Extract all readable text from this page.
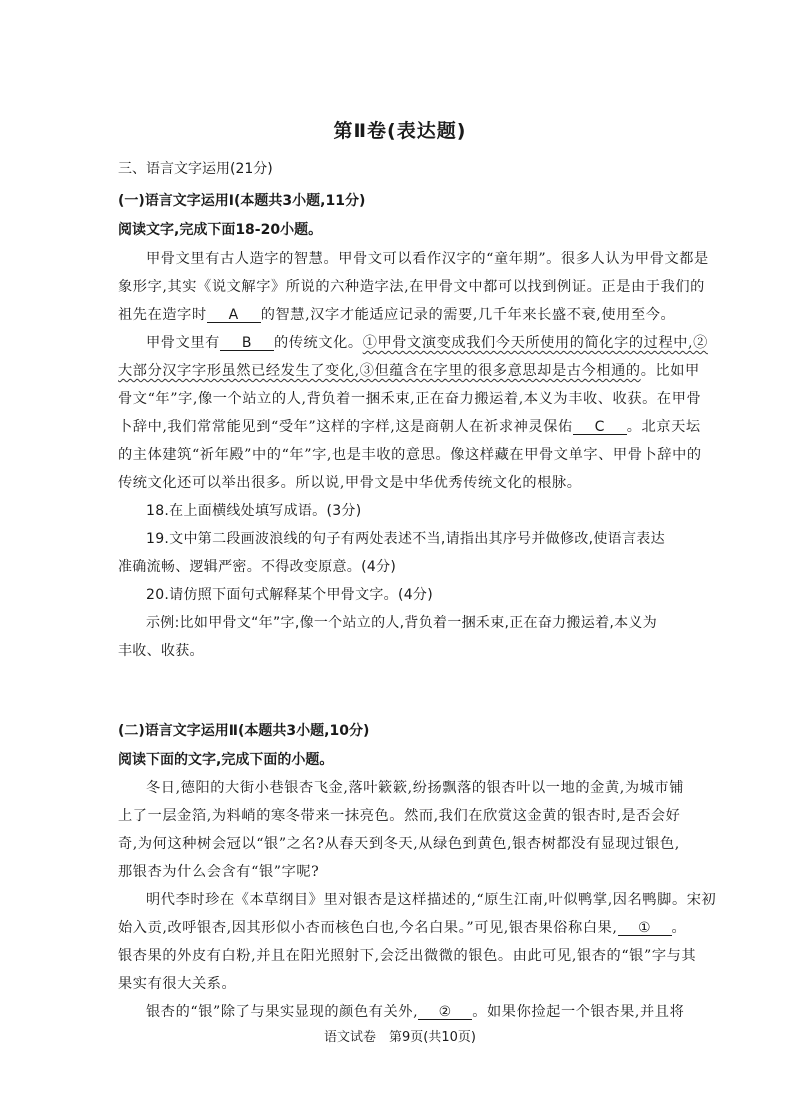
第Ⅱ卷(表达题)
三、语言文字运用(21分)
(一)语言文字运用Ⅰ(本题共3小题,11分)
阅读文字,完成下面18-20小题。
甲骨文里有古人造字的智慧。甲骨文可以看作汉字的“童年期”。很多人认为甲骨文都是
象形字,其实《说文解字》所说的六种造字法,在甲骨文中都可以找到例证。正是由于我们的
祖先在造字时 A 的智慧,汉字才能适应记录的需要,几千年来长盛不衰,使用至今。
甲骨文里有 B 的传统文化。①甲骨文演变成我们今天所使用的简化字的过程中,②
大部分汉字字形虽然已经发生了变化,③但蕴含在字里的很多意思却是古今相通的。比如甲
骨文“年”字,像一个站立的人,背负着一捆禾束,正在奋力搬运着,本义为丰收、收获。在甲骨
卜辞中,我们常常能见到“受年”这样的字样,这是商朝人在祈求神灵保佑 C 。北京天坛
的主体建筑“祈年殿”中的“年”字,也是丰收的意思。像这样藏在甲骨文单字、甲骨卜辞中的
传统文化还可以举出很多。所以说,甲骨文是中华优秀传统文化的根脉。
18.在上面横线处填写成语。(3分)
19.文中第二段画波浪线的句子有两处表述不当,请指出其序号并做修改,使语言表达
准确流畅、逻辑严密。不得改变原意。(4分)
20.请仿照下面句式解释某个甲骨文字。(4分)
示例:比如甲骨文“年”字,像一个站立的人,背负着一捆禾束,正在奋力搬运着,本义为
丰收、收获。
(二)语言文字运用Ⅱ(本题共3小题,10分)
阅读下面的文字,完成下面的小题。
冬日,德阳的大街小巷银杏飞金,落叶簌簌,纷扬飘落的银杏叶以一地的金黄,为城市铺
上了一层金箔,为料峭的寒冬带来一抹亮色。然而,我们在欣赏这金黄的银杏时,是否会好
奇,为何这种树会冠以“银”之名?从春天到冬天,从绿色到黄色,银杏树都没有显现过银色,
那银杏为什么会含有“银”字呢?
明代李时珍在《本草纲目》里对银杏是这样描述的,“原生江南,叶似鸭掌,因名鸭脚。宋初
始入贡,改呼银杏,因其形似小杏而核色白也,今名白果。”可见,银杏果俗称白果, ① 。
银杏果的外皮有白粉,并且在阳光照射下,会泛出微微的银色。由此可见,银杏的“银”字与其
果实有很大关系。
银杏的“银”除了与果实显现的颜色有关外, ② 。如果你捡起一个银杏果,并且将
语文试卷　第9页(共10页)
